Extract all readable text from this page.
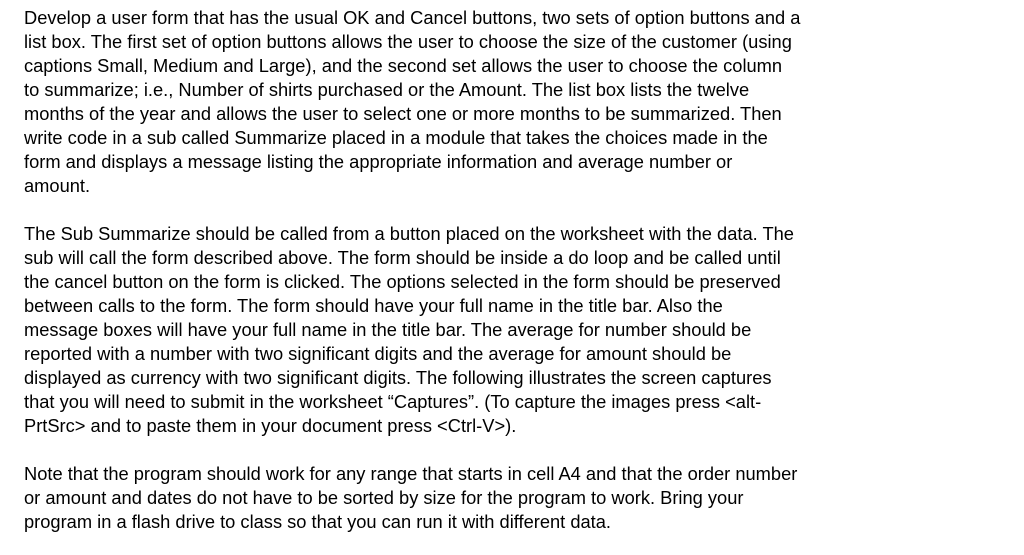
Develop a user form that has the usual OK and Cancel buttons, two sets of option buttons and a
list box. The first set of option buttons allows the user to choose the size of the customer (using
captions Small, Medium and Large), and the second set allows the user to choose the column
to summarize; i.e., Number of shirts purchased or the Amount. The list box lists the twelve
months of the year and allows the user to select one or more months to be summarized. Then
write code in a sub called Summarize placed in a module that takes the choices made in the
form and displays a message listing the appropriate information and average number or
amount.
The Sub Summarize should be called from a button placed on the worksheet with the data. The
sub will call the form described above. The form should be inside a do loop and be called until
the cancel button on the form is clicked. The options selected in the form should be preserved
between calls to the form. The form should have your full name in the title bar. Also the
message boxes will have your full name in the title bar. The average for number should be
reported with a number with two significant digits and the average for amount should be
displayed as currency with two significant digits. The following illustrates the screen captures
that you will need to submit in the worksheet “Captures”. (To capture the images press <alt-
PrtSrc> and to paste them in your document press <Ctrl-V>).
Note that the program should work for any range that starts in cell A4 and that the order number
or amount and dates do not have to be sorted by size for the program to work. Bring your
program in a flash drive to class so that you can run it with different data.
